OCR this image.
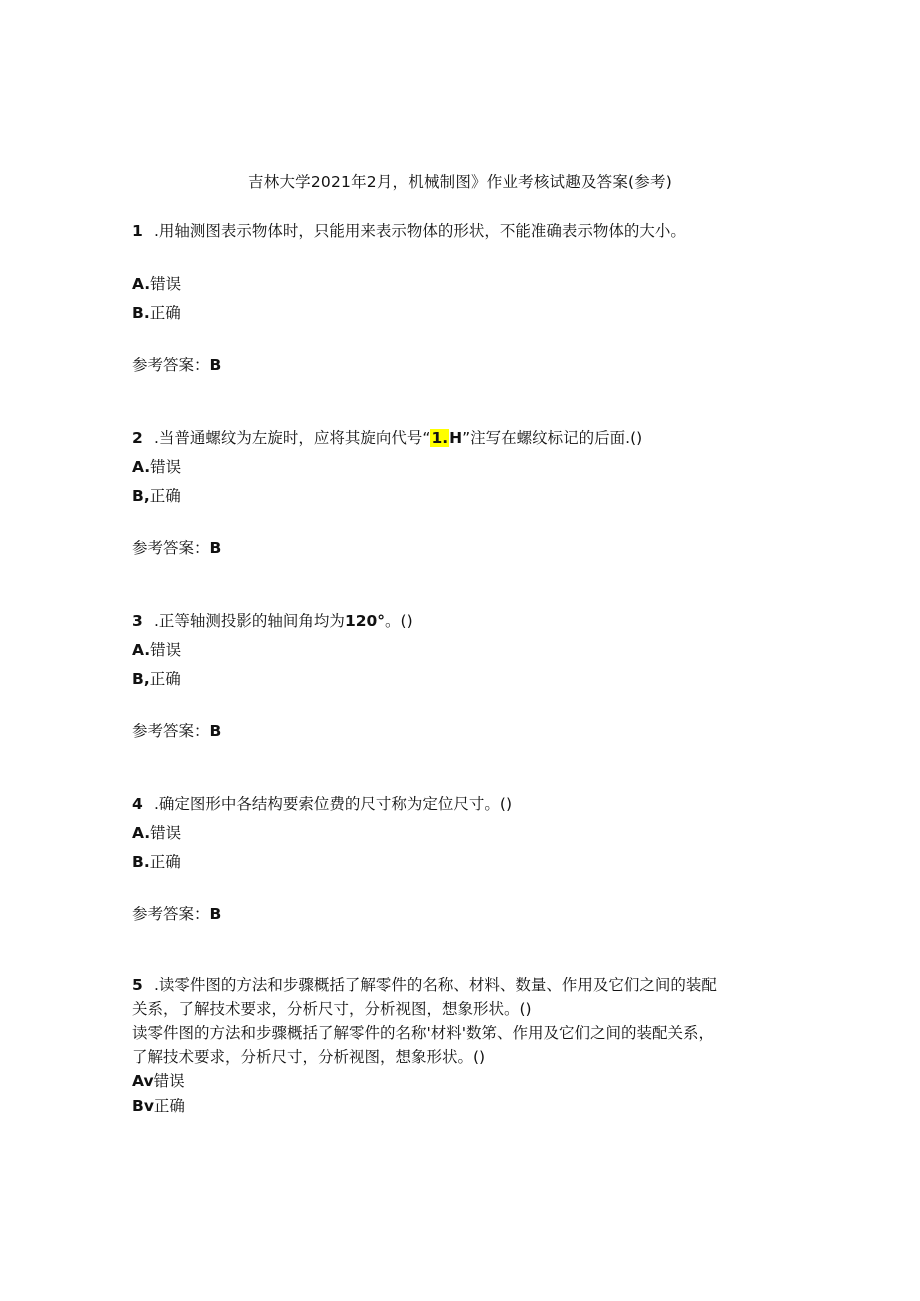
吉林大学2021年2月，机械制图》作业考核试趣及答案(参考)
1 .用轴测图表示物体时，只能用来表示物体的形状，不能准确表示物体的大小。
A.错误
B.正确
参考答案：B
2 .当普通螺纹为左旋时，应将其旋向代号“1.H”注写在螺纹标记的后面.()
A.错误
B,正确
参考答案：B
3 .正等轴测投影的轴间角均为120°。()
A.错误
B,正确
参考答案：B
4 .确定图形中各结构要索位费的尺寸称为定位尺寸。()
A.错误
B.正确
参考答案：B
5 .读零件图的方法和步骤概括了解零件的名称、材料、数量、作用及它们之间的装配
关系，了解技术要求，分析尺寸，分析视图，想象形状。()
读零件图的方法和步骤概括了解零件的名称'材料'数笫、作用及它们之间的装配关系，
了解技术要求，分析尺寸，分析视图，想象形状。()
Av错误
Bv正确
